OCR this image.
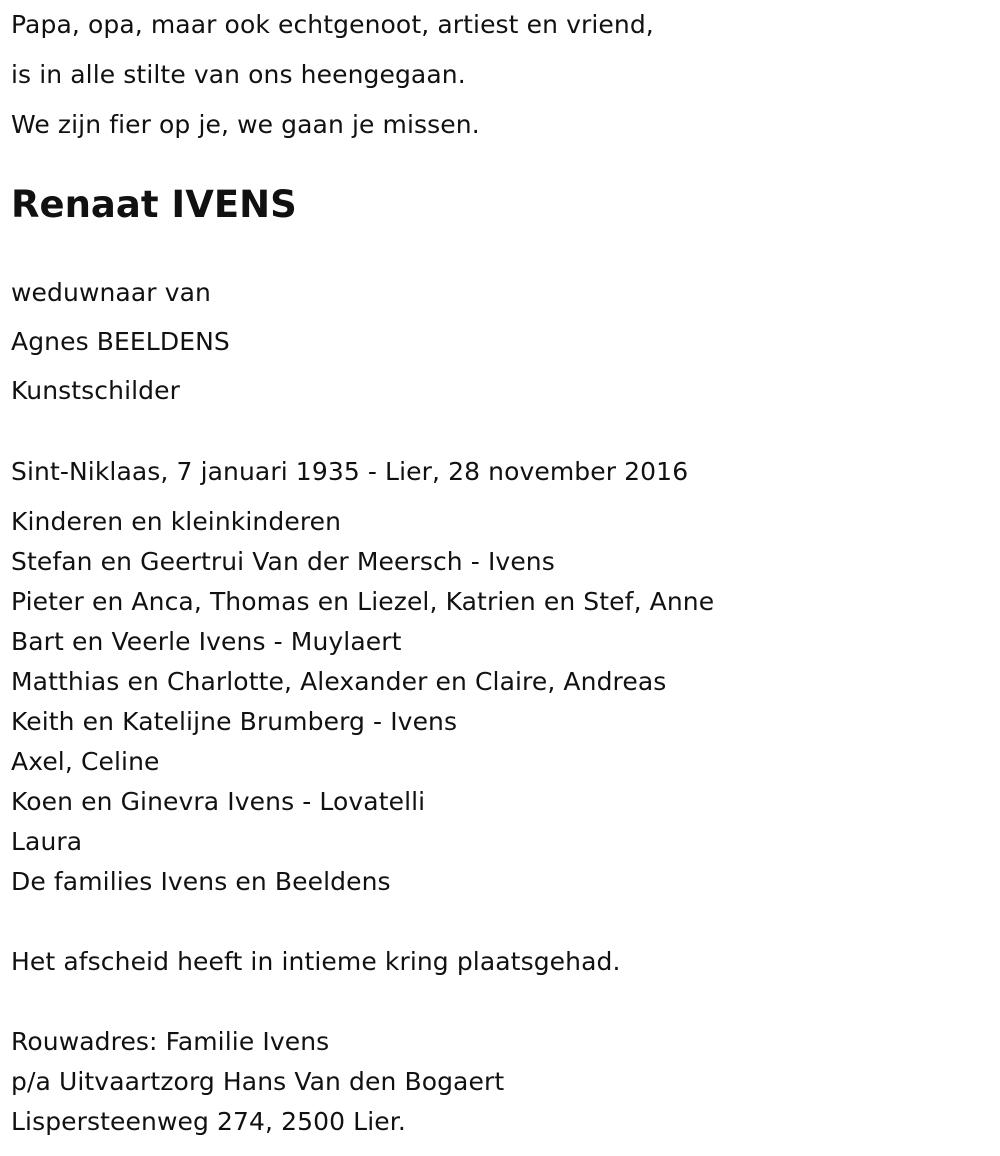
Papa, opa, maar ook echtgenoot, artiest en vriend,
is in alle stilte van ons heengegaan.
We zijn fier op je, we gaan je missen.
Renaat IVENS
weduwnaar van
Agnes BEELDENS
Kunstschilder
Sint-Niklaas, 7 januari 1935 - Lier, 28 november 2016
Kinderen en kleinkinderen
Stefan en Geertrui Van der Meersch - Ivens
Pieter en Anca, Thomas en Liezel, Katrien en Stef, Anne
Bart en Veerle Ivens - Muylaert
Matthias en Charlotte, Alexander en Claire, Andreas
Keith en Katelijne Brumberg - Ivens
Axel, Celine
Koen en Ginevra Ivens - Lovatelli
Laura
De families Ivens en Beeldens
Het afscheid heeft in intieme kring plaatsgehad.
Rouwadres: Familie Ivens
p/a Uitvaartzorg Hans Van den Bogaert
Lispersteenweg 274, 2500 Lier.
